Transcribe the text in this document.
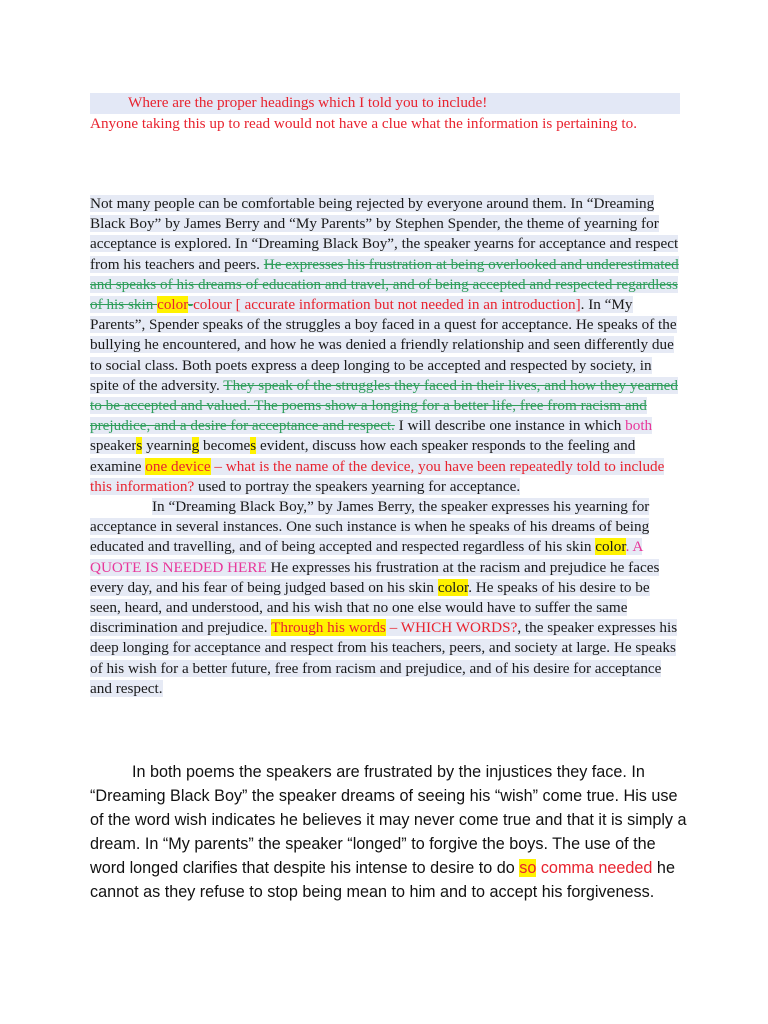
Where are the proper headings which I told you to include!
Anyone taking this up to read would not have a clue what the information is pertaining to.
Not many people can be comfortable being rejected by everyone around them. In “Dreaming Black Boy” by James Berry and “My Parents” by Stephen Spender, the theme of yearning for acceptance is explored. In “Dreaming Black Boy”, the speaker yearns for acceptance and respect from his teachers and peers. He expresses his frustration at being overlooked and underestimated and speaks of his dreams of education and travel, and of being accepted and respected regardless of his skin color-colour [ accurate information but not needed in an introduction]. In “My Parents”, Spender speaks of the struggles a boy faced in a quest for acceptance. He speaks of the bullying he encountered, and how he was denied a friendly relationship and seen differently due to social class. Both poets express a deep longing to be accepted and respected by society, in spite of the adversity. They speak of the struggles they faced in their lives, and how they yearned to be accepted and valued. The poems show a longing for a better life, free from racism and prejudice, and a desire for acceptance and respect. I will describe one instance in which both speakers yearning becomes evident, discuss how each speaker responds to the feeling and examine one device – what is the name of the device, you have been repeatedly told to include this information? used to portray the speakers yearning for acceptance.
In “Dreaming Black Boy,” by James Berry, the speaker expresses his yearning for acceptance in several instances. One such instance is when he speaks of his dreams of being educated and travelling, and of being accepted and respected regardless of his skin color. A QUOTE IS NEEDED HERE He expresses his frustration at the racism and prejudice he faces every day, and his fear of being judged based on his skin color. He speaks of his desire to be seen, heard, and understood, and his wish that no one else would have to suffer the same discrimination and prejudice. Through his words – WHICH WORDS?, the speaker expresses his deep longing for acceptance and respect from his teachers, peers, and society at large. He speaks of his wish for a better future, free from racism and prejudice, and of his desire for acceptance and respect.
In both poems the speakers are frustrated by the injustices they face. In “Dreaming Black Boy” the speaker dreams of seeing his “wish” come true. His use of the word wish indicates he believes it may never come true and that it is simply a dream. In “My parents” the speaker “longed” to forgive the boys. The use of the word longed clarifies that despite his intense to desire to do so comma needed he cannot as they refuse to stop being mean to him and to accept his forgiveness.
